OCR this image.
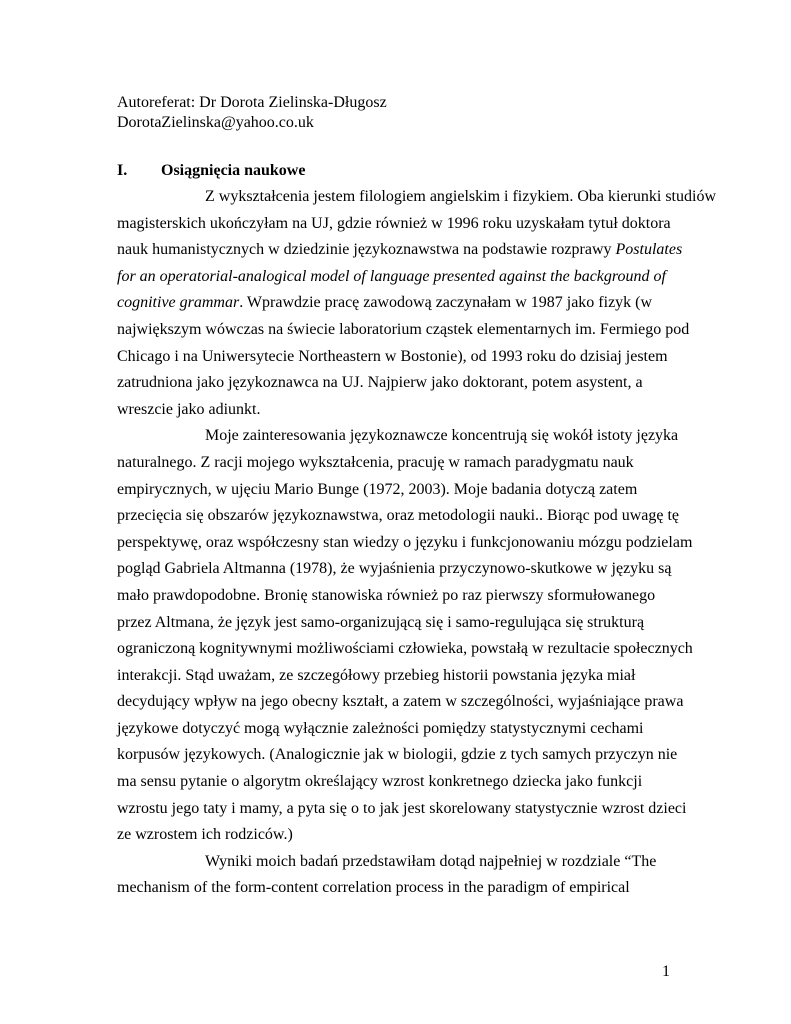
Autoreferat: Dr Dorota Zielinska-Długosz
DorotaZielinska@yahoo.co.uk
I. Osiągnięcia naukowe
Z wykształcenia jestem filologiem angielskim i fizykiem. Oba kierunki studiów
magisterskich ukończyłam na UJ, gdzie również w 1996 roku uzyskałam tytuł doktora
nauk humanistycznych w dziedzinie językoznawstwa na podstawie rozprawy Postulates
for an operatorial-analogical model of language presented against the background of
cognitive grammar. Wprawdzie pracę zawodową zaczynałam w 1987 jako fizyk (w
największym wówczas na świecie laboratorium cząstek elementarnych im. Fermiego pod
Chicago i na Uniwersytecie Northeastern w Bostonie), od 1993 roku do dzisiaj jestem
zatrudniona jako językoznawca na UJ. Najpierw jako doktorant, potem asystent, a
wreszcie jako adiunkt.
Moje zainteresowania językoznawcze koncentrują się wokół istoty języka
naturalnego. Z racji mojego wykształcenia, pracuję w ramach paradygmatu nauk
empirycznych, w ujęciu Mario Bunge (1972, 2003). Moje badania dotyczą zatem
przecięcia się obszarów językoznawstwa, oraz metodologii nauki.. Biorąc pod uwagę tę
perspektywę, oraz współczesny stan wiedzy o języku i funkcjonowaniu mózgu podzielam
pogląd Gabriela Altmanna (1978), że wyjaśnienia przyczynowo-skutkowe w języku są
mało prawdopodobne. Bronię stanowiska również po raz pierwszy sformułowanego
przez Altmana, że język jest samo-organizującą się i samo-regulująca się strukturą
ograniczoną kognitywnymi możliwościami człowieka, powstałą w rezultacie społecznych
interakcji. Stąd uważam, ze szczegółowy przebieg historii powstania języka miał
decydujący wpływ na jego obecny kształt, a zatem w szczególności, wyjaśniające prawa
językowe dotyczyć mogą wyłącznie zależności pomiędzy statystycznymi cechami
korpusów językowych. (Analogicznie jak w biologii, gdzie z tych samych przyczyn nie
ma sensu pytanie o algorytm określający wzrost konkretnego dziecka jako funkcji
wzrostu jego taty i mamy, a pyta się o to jak jest skorelowany statystycznie wzrost dzieci
ze wzrostem ich rodziców.)
Wyniki moich badań przedstawiłam dotąd najpełniej w rozdziale “The
mechanism of the form-content correlation process in the paradigm of empirical
1
